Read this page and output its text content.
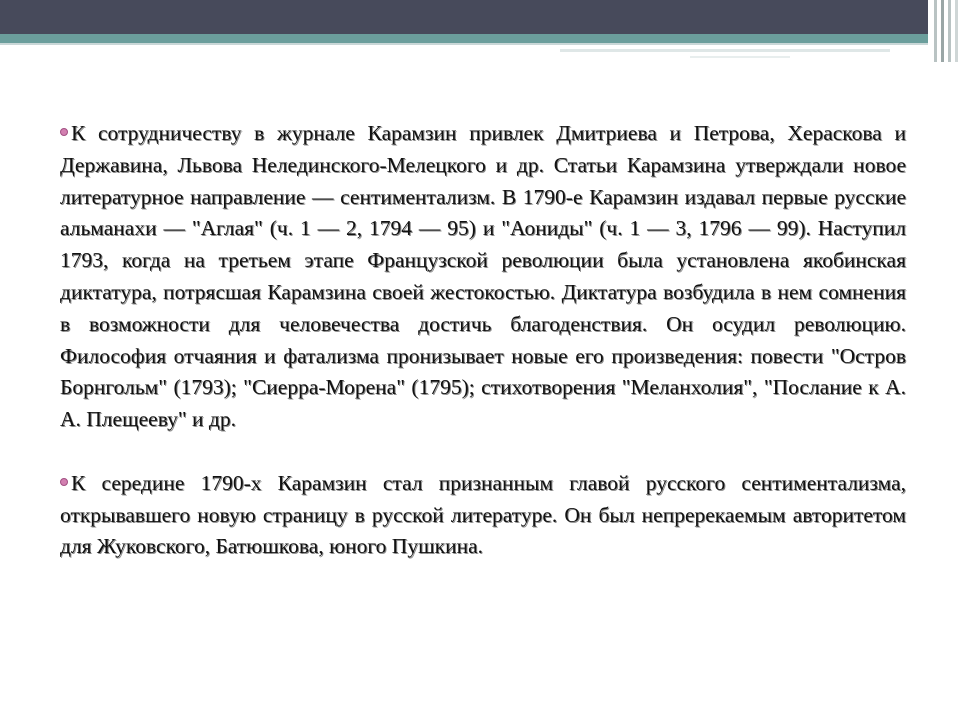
К сотрудничеству в журнале Карамзин привлек Дмитриева и Петрова, Хераскова и Державина, Львова Нелединского-Мелецкого и др. Статьи Карамзина утверждали новое литературное направление — сентиментализм. В 1790-е Карамзин издавал первые русские альманахи — "Аглая" (ч. 1 — 2, 1794 — 95) и "Аониды" (ч. 1 — 3, 1796 — 99). Наступил 1793, когда на третьем этапе Французской революции была установлена якобинская диктатура, потрясшая Карамзина своей жестокостью. Диктатура возбудила в нем сомнения в возможности для человечества достичь благоденствия. Он осудил революцию. Философия отчаяния и фатализма пронизывает новые его произведения: повести "Остров Борнгольм" (1793); "Сиерра-Морена" (1795); стихотворения "Меланхолия", "Послание к А. А. Плещееву" и др.

К середине 1790-х Карамзин стал признанным главой русского сентиментализма, открывавшего новую страницу в русской литературе. Он был непререкаемым авторитетом для Жуковского, Батюшкова, юного Пушкина.
